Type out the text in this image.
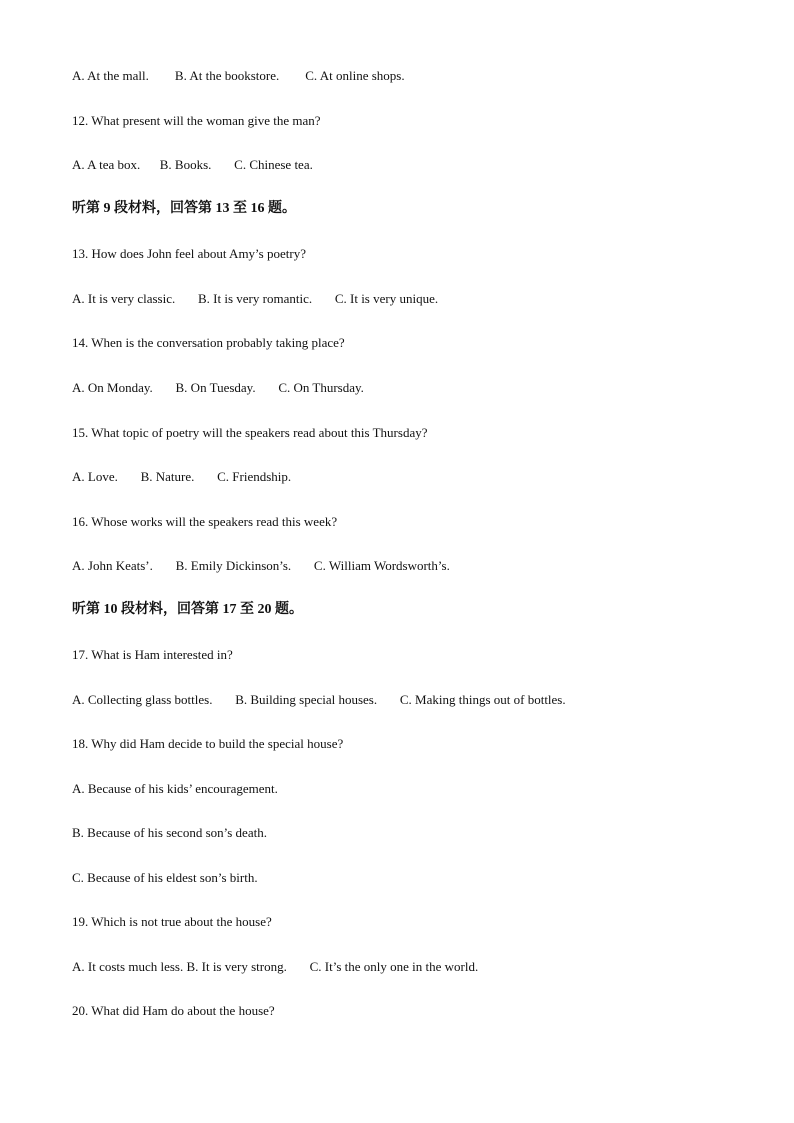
A. At the mall.        B. At the bookstore.        C. At online shops.
12. What present will the woman give the man?
A. A tea box.      B. Books.       C. Chinese tea.
听第 9 段材料，回答第 13 至 16 题。
13. How does John feel about Amy’s poetry?
A. It is very classic.       B. It is very romantic.       C. It is very unique.
14. When is the conversation probably taking place?
A. On Monday.       B. On Tuesday.       C. On Thursday.
15. What topic of poetry will the speakers read about this Thursday?
A. Love.       B. Nature.       C. Friendship.
16. Whose works will the speakers read this week?
A. John Keats’.       B. Emily Dickinson’s.       C. William Wordsworth’s.
听第 10 段材料，回答第 17 至 20 题。
17. What is Ham interested in?
A. Collecting glass bottles.       B. Building special houses.       C. Making things out of bottles.
18. Why did Ham decide to build the special house?
A. Because of his kids’ encouragement.
B. Because of his second son’s death.
C. Because of his eldest son’s birth.
19. Which is not true about the house?
A. It costs much less. B. It is very strong.       C. It’s the only one in the world.
20. What did Ham do about the house?
